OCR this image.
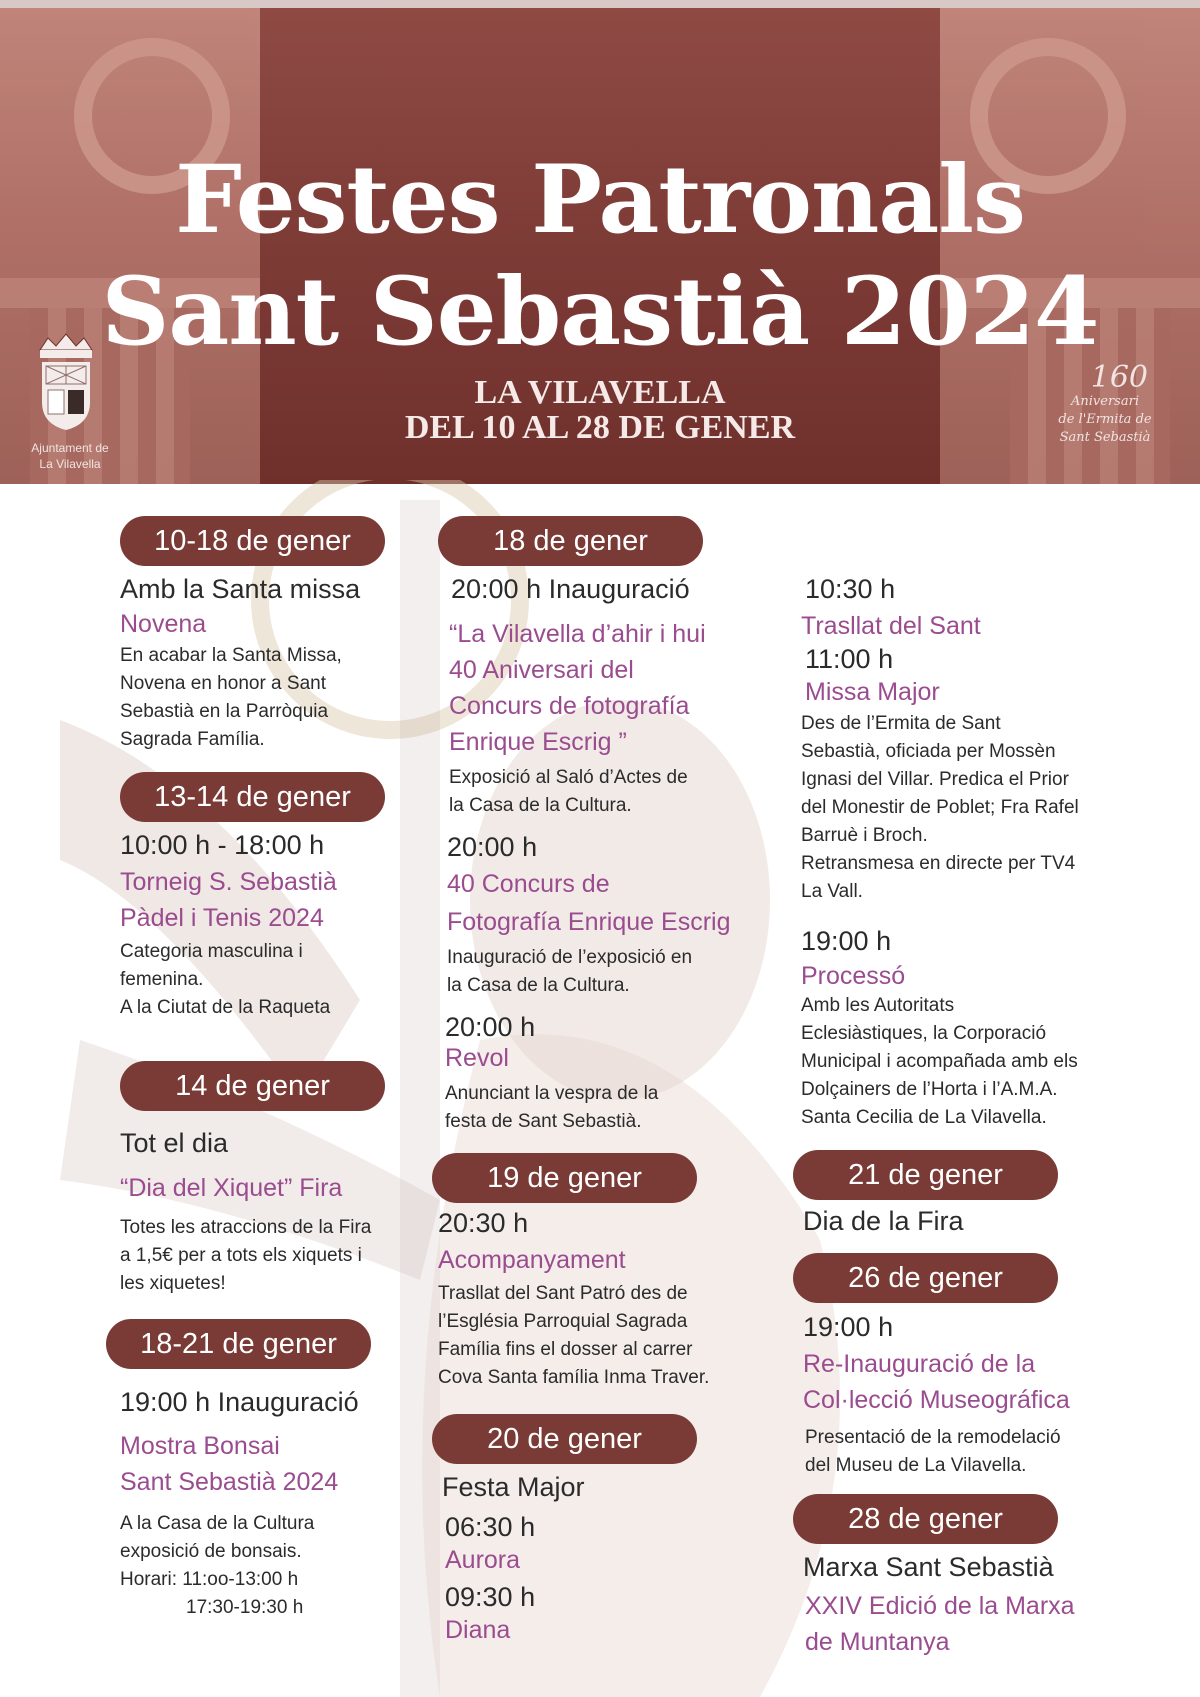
Festes Patronals
Sant Sebastià 2024
LA VILAVELLA
DEL 10 AL 28 DE GENER
Ajuntament de
La Vilavella
160
Aniversari
de l'Ermita de
Sant Sebastià
10-18 de gener
Amb la Santa missa
Novena
En acabar la Santa Missa,
Novena en honor a Sant
Sebastià en la Parròquia
Sagrada Família.
13-14 de gener
10:00 h - 18:00 h
Torneig S. Sebastià
Pàdel i Tenis 2024
Categoria masculina i
femenina.
A la Ciutat de la Raqueta
14 de gener
Tot el dia
“Dia del Xiquet” Fira
Totes les atraccions de la Fira
a 1,5€ per a tots els xiquets i
les xiquetes!
18-21 de gener
19:00 h Inauguració
Mostra Bonsai
Sant Sebastià 2024
A la Casa de la Cultura
exposició de bonsais.
Horari: 11:oo-13:00 h
17:30-19:30 h
18 de gener
20:00 h Inauguració
“La Vilavella d’ahir i hui
40 Aniversari del
Concurs de fotografía
Enrique Escrig ”
Exposició al Saló d’Actes de
la Casa de la Cultura.
20:00 h
40 Concurs de
Fotografía Enrique Escrig
Inauguració de l’exposició en
la Casa de la Cultura.
20:00 h
Revol
Anunciant la vespra de la
festa de Sant Sebastià.
19 de gener
20:30 h
Acompanyament
Trasllat del Sant Patró des de
l’Església Parroquial Sagrada
Família fins el dosser al carrer
Cova Santa família Inma Traver.
20 de gener
Festa Major
06:30 h
Aurora
09:30 h
Diana
10:30 h
Trasllat del Sant
11:00 h
Missa Major
Des de l’Ermita de Sant
Sebastià, oficiada per Mossèn
Ignasi del Villar. Predica el Prior
del Monestir de Poblet; Fra Rafel
Barruè i Broch.
Retransmesa en directe per TV4
La Vall.
19:00 h
Processó
Amb les Autoritats
Eclesiàstiques, la Corporació
Municipal i acompañada amb els
Dolçainers de l’Horta i l’A.M.A.
Santa Cecilia de La Vilavella.
21 de gener
Dia de la Fira
26 de gener
19:00 h
Re-Inauguració de la
Col·lecció Museográfica
Presentació de la remodelació
del Museu de La Vilavella.
28 de gener
Marxa Sant Sebastià
XXIV Edició de la Marxa
de Muntanya
